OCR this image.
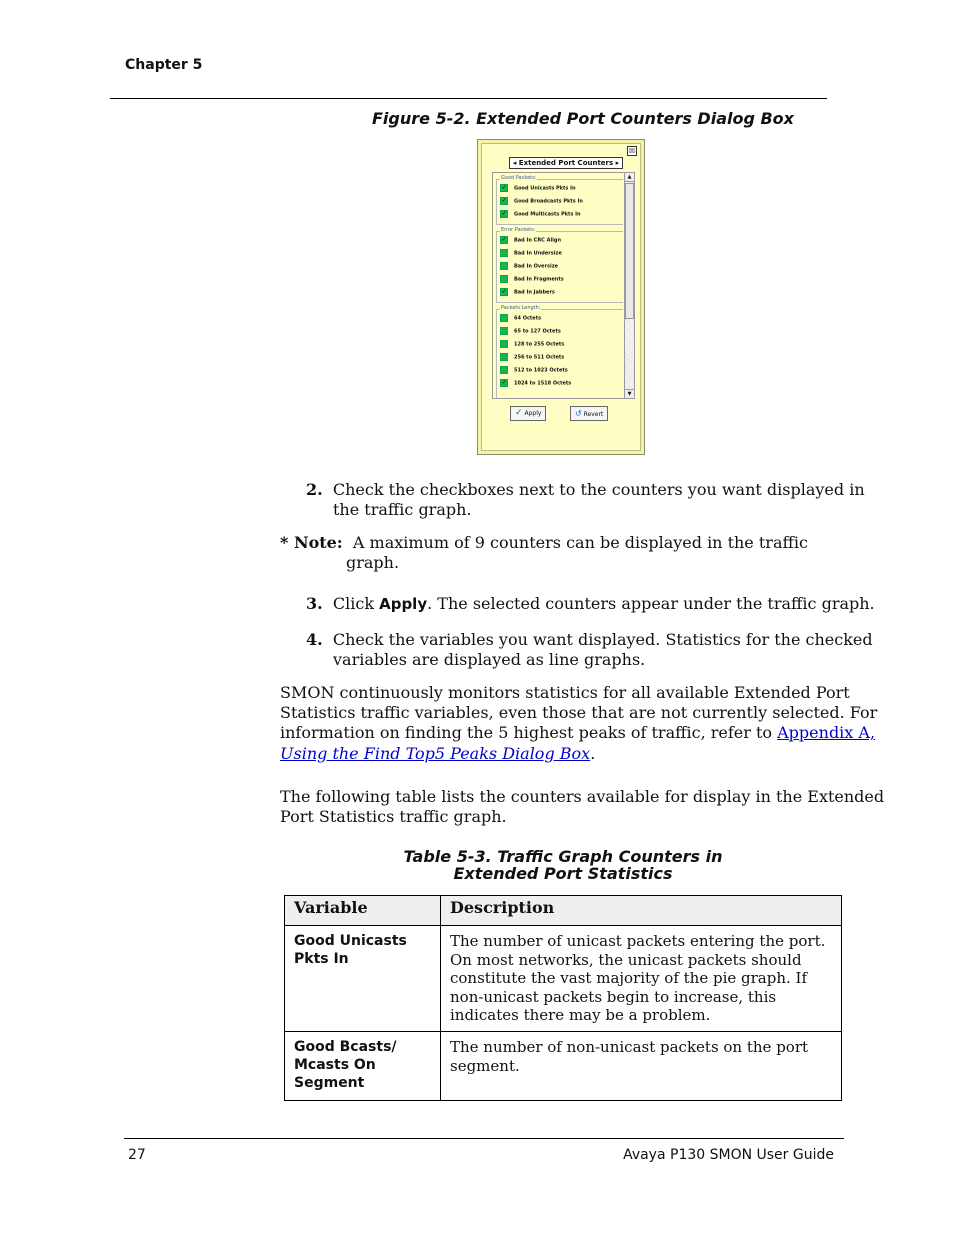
Chapter 5
Figure 5-2. Extended Port Counters Dialog Box
☒
◂ Extended Port Counters ▸
▲
▼
Good Packets:
✓ Good Unicasts Pkts In
✓ Good Broadcasts Pkts In
✓ Good Multicasts Pkts In
Error Packets:
✓ Bad In CRC Align
Bad In Undersize
Bad In Oversize
Bad In Fragments
✓ Bad In Jabbers
Packets Length:
64 Octets
65 to 127 Octets
128 to 255 Octets
256 to 511 Octets
512 to 1023 Octets
✓ 1024 to 1518 Octets
✓ Apply	↺ Revert
2. Check the checkboxes next to the counters you want displayed in
the traffic graph.
* Note: A maximum of 9 counters can be displayed in the traffic
graph.
3. Click Apply. The selected counters appear under the traffic graph.
4. Check the variables you want displayed. Statistics for the checked
variables are displayed as line graphs.
SMON continuously monitors statistics for all available Extended Port
Statistics traffic variables, even those that are not currently selected. For
information on finding the 5 highest peaks of traffic, refer to Appendix A,
Using the Find Top5 Peaks Dialog Box.
The following table lists the counters available for display in the Extended
Port Statistics traffic graph.
Table 5-3. Traffic Graph Counters in
Extended Port Statistics
Variable	Description
Good Unicasts Pkts In	The number of unicast packets entering the port. On most networks, the unicast packets should constitute the vast majority of the pie graph. If non-unicast packets begin to increase, this indicates there may be a problem.
Good Bcasts/ Mcasts On Segment	The number of non-unicast packets on the port segment.
27	Avaya P130 SMON User Guide
